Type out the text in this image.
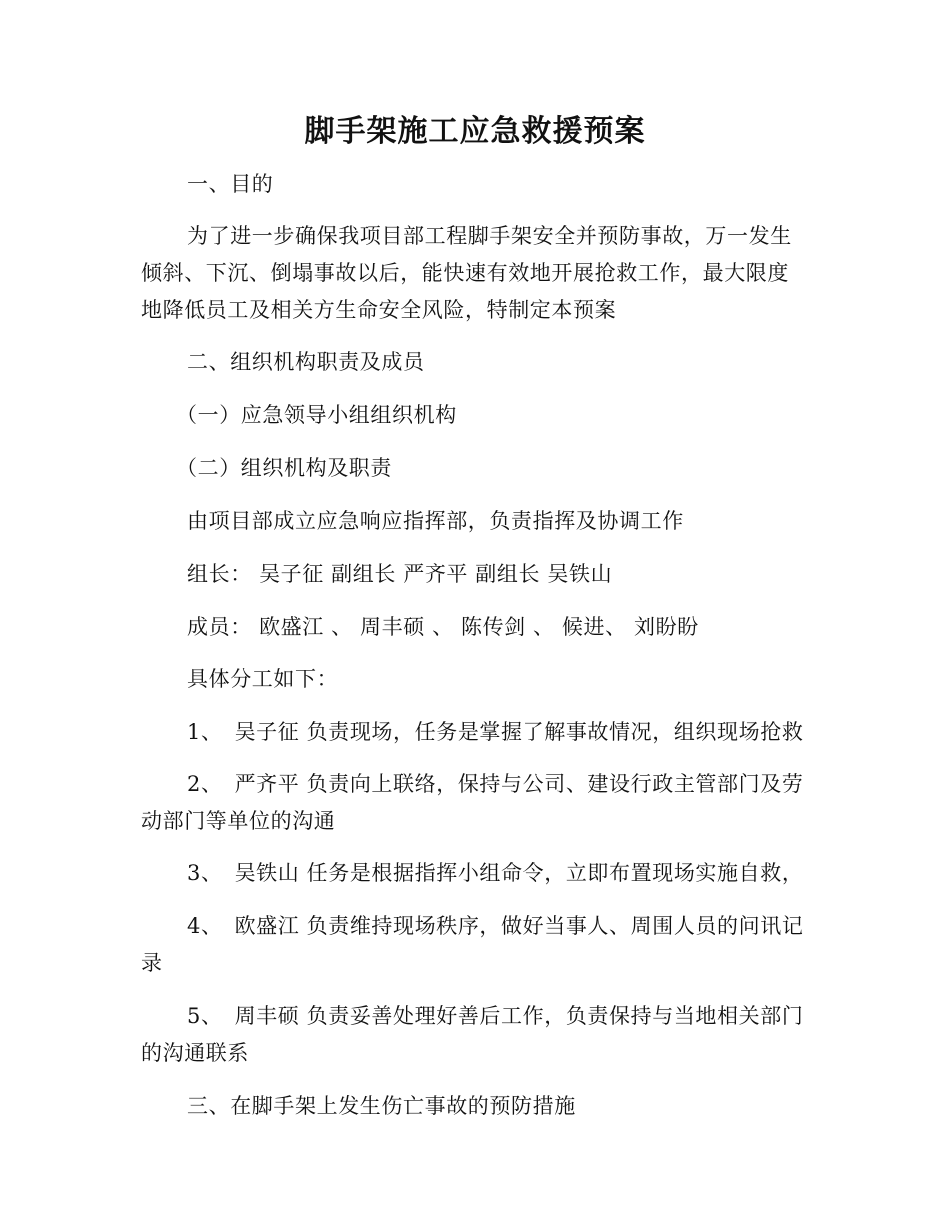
脚手架施工应急救援预案

一、目的

为了进一步确保我项目部工程脚手架安全并预防事故，万一发生

倾斜、下沉、倒塌事故以后，能快速有效地开展抢救工作，最大限度

地降低员工及相关方生命安全风险，特制定本预案

二、组织机构职责及成员

（一）应急领导小组组织机构

（二）组织机构及职责

由项目部成立应急响应指挥部，负责指挥及协调工作

组长： 吴子征 副组长 严齐平 副组长 吴铁山

成员： 欧盛江 、 周丰硕 、 陈传剑 、 候进、 刘盼盼

具体分工如下：

1、 吴子征 负责现场，任务是掌握了解事故情况，组织现场抢救

2、 严齐平 负责向上联络，保持与公司、建设行政主管部门及劳

动部门等单位的沟通

3、 吴铁山 任务是根据指挥小组命令，立即布置现场实施自救，

4、 欧盛江 负责维持现场秩序，做好当事人、周围人员的问讯记

录

5、 周丰硕 负责妥善处理好善后工作，负责保持与当地相关部门

的沟通联系

三、在脚手架上发生伤亡事故的预防措施
